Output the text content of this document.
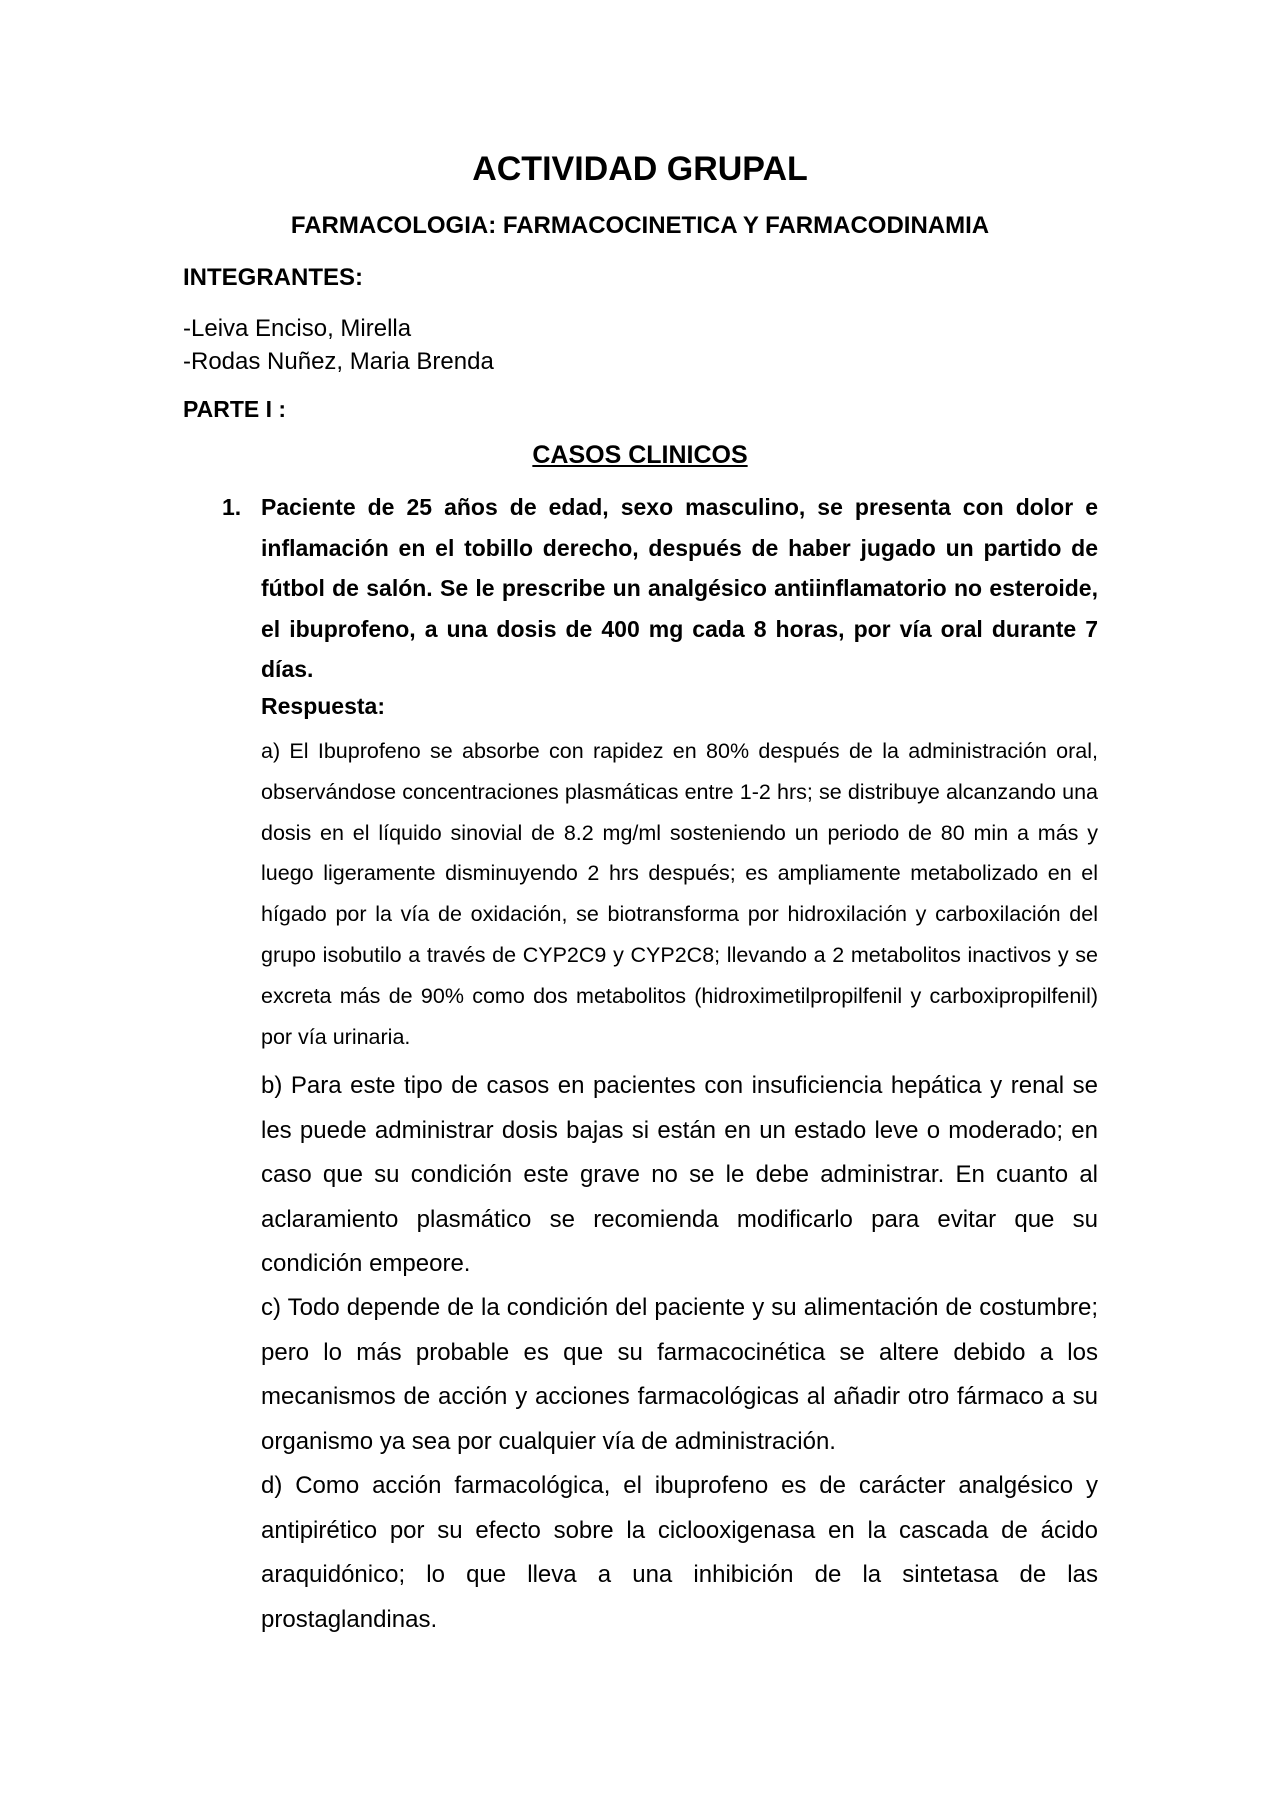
ACTIVIDAD GRUPAL
FARMACOLOGIA: FARMACOCINETICA Y FARMACODINAMIA

INTEGRANTES:

-Leiva Enciso, Mirella
-Rodas Nuñez, Maria Brenda

PARTE I :

CASOS CLINICOS

1. Paciente de 25 años de edad, sexo masculino, se presenta con dolor e inflamación en el tobillo derecho, después de haber jugado un partido de fútbol de salón. Se le prescribe un analgésico antiinflamatorio no esteroide, el ibuprofeno, a una dosis de 400 mg cada 8 horas, por vía oral durante 7 días.

Respuesta:

a) El Ibuprofeno se absorbe con rapidez en 80% después de la administración oral, observándose concentraciones plasmáticas entre 1-2 hrs; se distribuye alcanzando una dosis en el líquido sinovial de 8.2 mg/ml sosteniendo un periodo de 80 min a más y luego ligeramente disminuyendo 2 hrs después; es ampliamente metabolizado en el hígado por la vía de oxidación, se biotransforma por hidroxilación y carboxilación del grupo isobutilo a través de CYP2C9 y CYP2C8; llevando a 2 metabolitos inactivos y se excreta más de 90% como dos metabolitos (hidroximetilpropilfenil y carboxipropilfenil) por vía urinaria.

b) Para este tipo de casos en pacientes con insuficiencia hepática y renal se les puede administrar dosis bajas si están en un estado leve o moderado; en caso que su condición este grave no se le debe administrar. En cuanto al aclaramiento plasmático se recomienda modificarlo para evitar que su condición empeore.

c) Todo depende de la condición del paciente y su alimentación de costumbre; pero lo más probable es que su farmacocinética se altere debido a los mecanismos de acción y acciones farmacológicas al añadir otro fármaco a su organismo ya sea por cualquier vía de administración.

d) Como acción farmacológica, el ibuprofeno es de carácter analgésico y antipirético por su efecto sobre la ciclooxigenasa en la cascada de ácido araquidónico; lo que lleva a una inhibición de la sintetasa de las prostaglandinas.
